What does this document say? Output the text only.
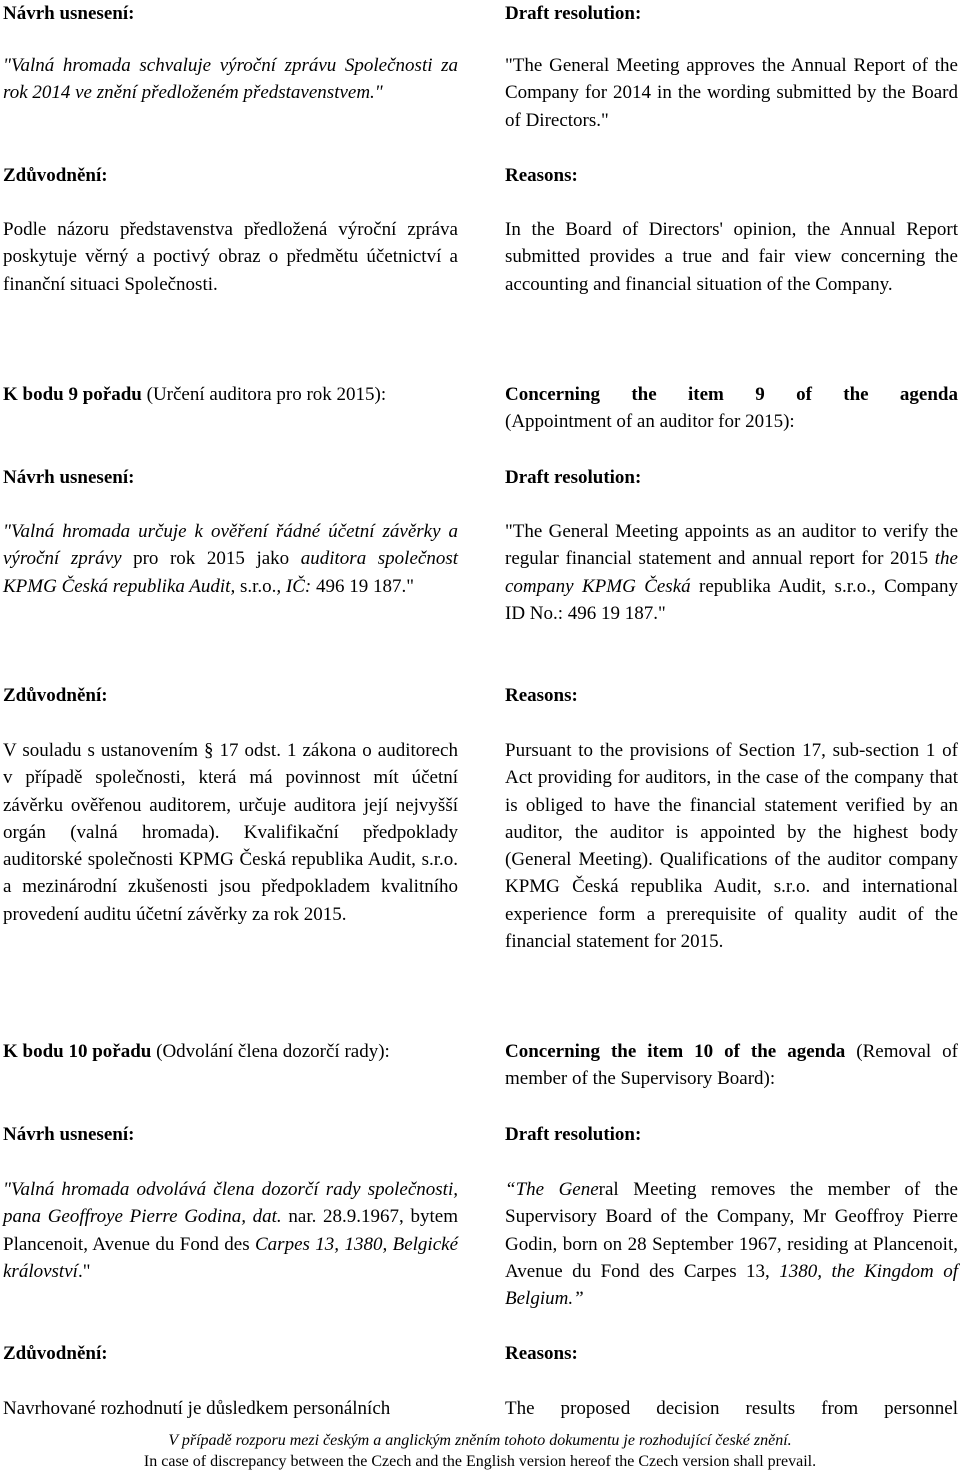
Návrh usnesení:

"Valná hromada schvaluje výroční zprávu Společnosti za rok 2014 ve znění předloženém představenstvem."

Zdůvodnění:

Podle názoru představenstva předložená výroční zpráva poskytuje věrný a poctivý obraz o předmětu účetnictví a finanční situaci Společnosti.

K bodu 9 pořadu (Určení auditora pro rok 2015):

Návrh usnesení:

"Valná hromada určuje k ověření řádné účetní závěrky a výroční zprávy pro rok 2015 jako auditora společnost KPMG Česká republika Audit, s.r.o., IČ: 496 19 187."

Zdůvodnění:

V souladu s ustanovením § 17 odst. 1 zákona o auditorech v případě společnosti, která má povinnost mít účetní závěrku ověřenou auditorem, určuje auditora její nejvyšší orgán (valná hromada). Kvalifikační předpoklady auditorské společnosti KPMG Česká republika Audit, s.r.o. a mezinárodní zkušenosti jsou předpokladem kvalitního provedení auditu účetní závěrky za rok 2015.

K bodu 10 pořadu (Odvolání člena dozorčí rady):

Návrh usnesení:

"Valná hromada odvolává člena dozorčí rady společnosti, pana Geoffroye Pierre Godina, dat. nar. 28.9.1967, bytem Plancenoit, Avenue du Fond des Carpes 13, 1380, Belgické království."

Zdůvodnění:

Navrhované rozhodnutí je důsledkem personálních

Draft resolution:

"The General Meeting approves the Annual Report of the Company for 2014 in the wording submitted by the Board of Directors."

Reasons:

In the Board of Directors' opinion, the Annual Report submitted provides a true and fair view concerning the accounting and financial situation of the Company.

Concerning the item 9 of the agenda

(Appointment of an auditor for 2015):

Draft resolution:

"The General Meeting appoints as an auditor to verify the regular financial statement and annual report for 2015 the company KPMG Česká republika Audit, s.r.o., Company ID No.: 496 19 187."

Reasons:

Pursuant to the provisions of Section 17, sub-section 1 of Act providing for auditors, in the case of the company that is obliged to have the financial statement verified by an auditor, the auditor is appointed by the highest body (General Meeting). Qualifications of the auditor company KPMG Česká republika Audit, s.r.o. and international experience form a prerequisite of quality audit of the financial statement for 2015.

Concerning the item 10 of the agenda (Removal of member of the Supervisory Board):

Draft resolution:

“The General Meeting removes the member of the Supervisory Board of the Company, Mr Geoffroy Pierre Godin, born on 28 September 1967, residing at Plancenoit, Avenue du Fond des Carpes 13, 1380, the Kingdom of Belgium.”

Reasons:

The proposed decision results from personnel

V případě rozporu mezi českým a anglickým zněním tohoto dokumentu je rozhodující české znění.
In case of discrepancy between the Czech and the English version hereof the Czech version shall prevail.
